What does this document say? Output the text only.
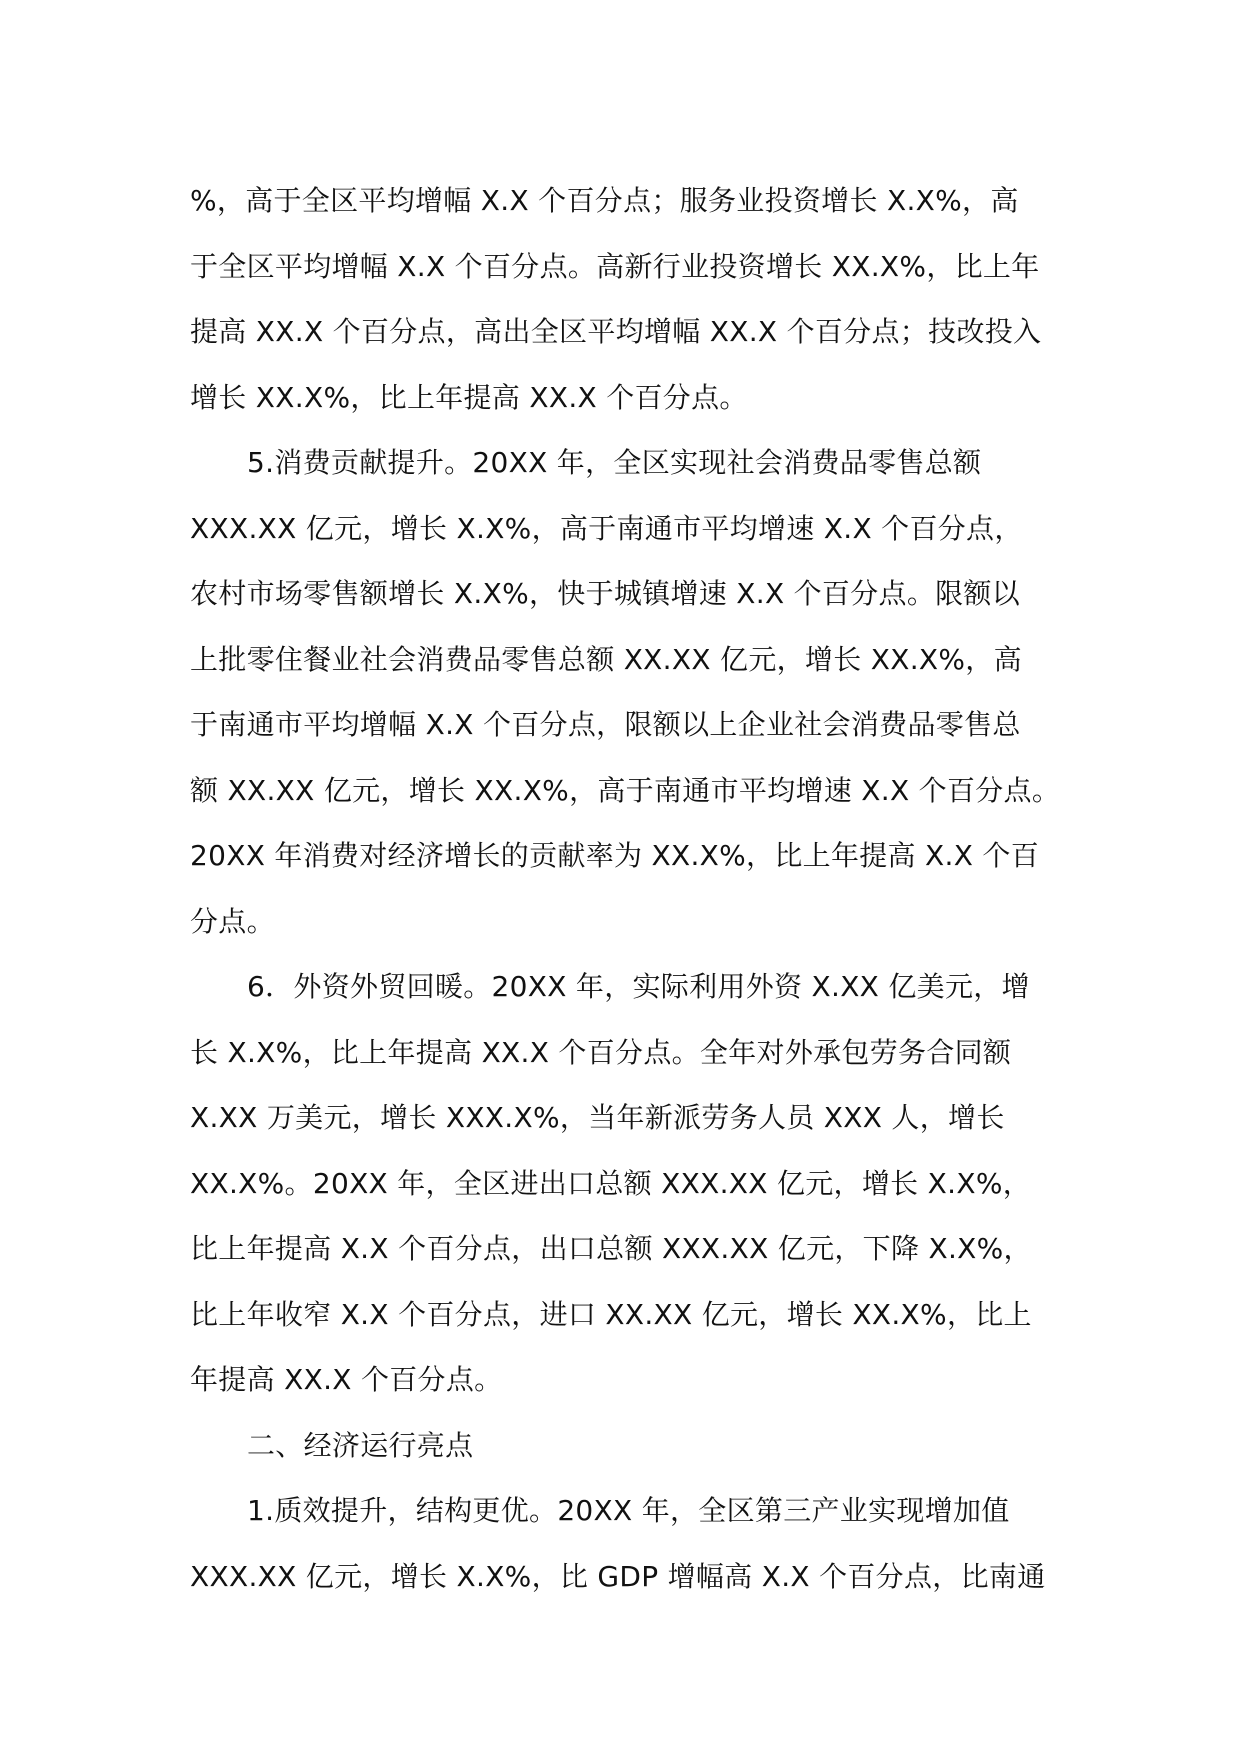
%，高于全区平均增幅 X.X 个百分点；服务业投资增长 X.X%，高
于全区平均增幅 X.X 个百分点。高新行业投资增长 XX.X%，比上年
提高 XX.X 个百分点，高出全区平均增幅 XX.X 个百分点；技改投入
增长 XX.X%，比上年提高 XX.X 个百分点。
5.消费贡献提升。20XX 年，全区实现社会消费品零售总额
XXX.XX 亿元，增长 X.X%，高于南通市平均增速 X.X 个百分点，
农村市场零售额增长 X.X%，快于城镇增速 X.X 个百分点。限额以
上批零住餐业社会消费品零售总额 XX.XX 亿元，增长 XX.X%，高
于南通市平均增幅 X.X 个百分点，限额以上企业社会消费品零售总
额 XX.XX 亿元，增长 XX.X%，高于南通市平均增速 X.X 个百分点。
20XX 年消费对经济增长的贡献率为 XX.X%，比上年提高 X.X 个百
分点。
6．外资外贸回暖。20XX 年，实际利用外资 X.XX 亿美元，增
长 X.X%，比上年提高 XX.X 个百分点。全年对外承包劳务合同额
X.XX 万美元，增长 XXX.X%，当年新派劳务人员 XXX 人，增长
XX.X%。20XX 年，全区进出口总额 XXX.XX 亿元，增长 X.X%，
比上年提高 X.X 个百分点，出口总额 XXX.XX 亿元，下降 X.X%，
比上年收窄 X.X 个百分点，进口 XX.XX 亿元，增长 XX.X%，比上
年提高 XX.X 个百分点。
二、经济运行亮点
1.质效提升，结构更优。20XX 年，全区第三产业实现增加值
XXX.XX 亿元，增长 X.X%，比 GDP 增幅高 X.X 个百分点，比南通
